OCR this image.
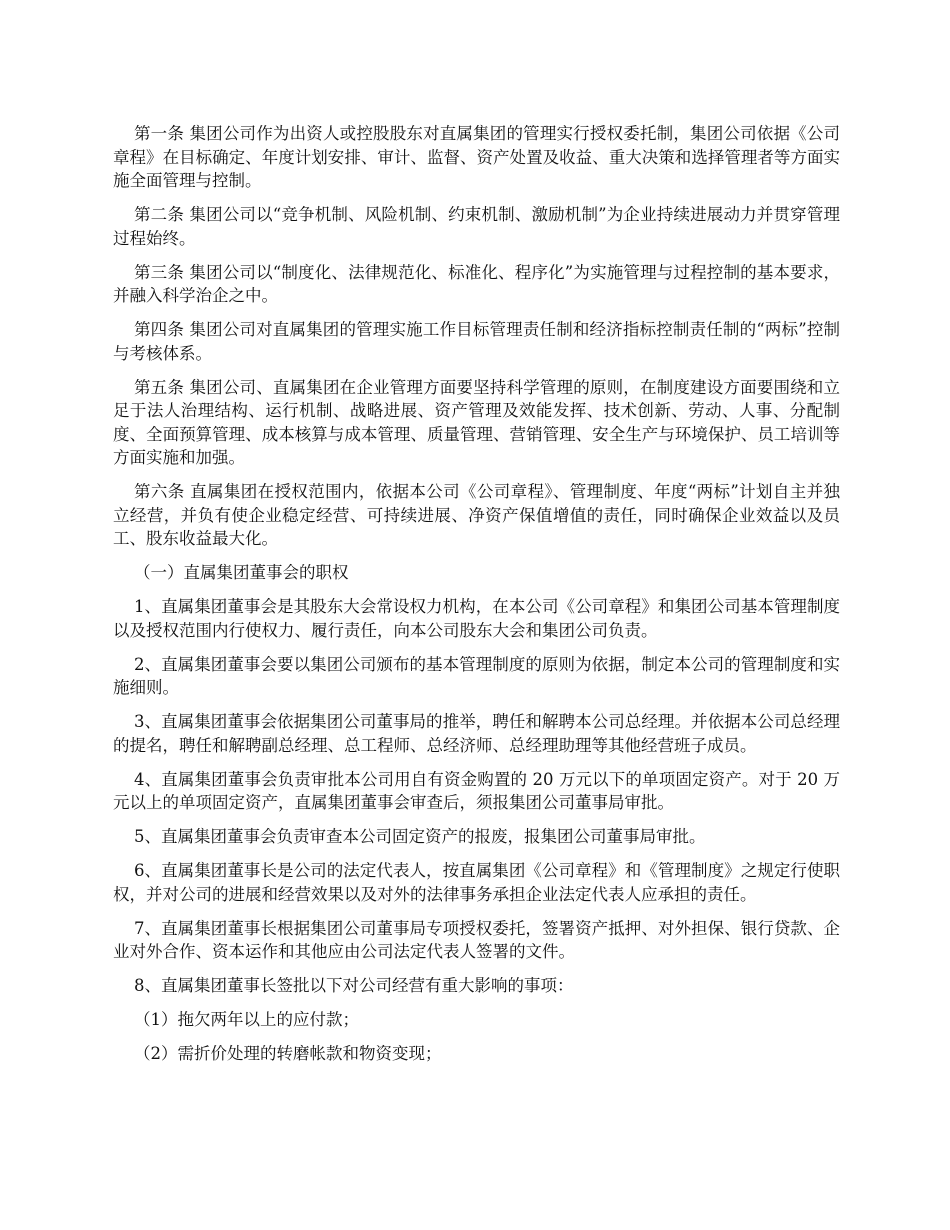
第一条 集团公司作为出资人或控股股东对直属集团的管理实行授权委托制，集团公司依据《公司章程》在目标确定、年度计划安排、审计、监督、资产处置及收益、重大决策和选择管理者等方面实施全面管理与控制。

第二条 集团公司以“竞争机制、风险机制、约束机制、激励机制”为企业持续进展动力并贯穿管理过程始终。

第三条 集团公司以“制度化、法律规范化、标准化、程序化”为实施管理与过程控制的基本要求，并融入科学治企之中。

第四条 集团公司对直属集团的管理实施工作目标管理责任制和经济指标控制责任制的“两标”控制与考核体系。

第五条 集团公司、直属集团在企业管理方面要坚持科学管理的原则，在制度建设方面要围绕和立足于法人治理结构、运行机制、战略进展、资产管理及效能发挥、技术创新、劳动、人事、分配制度、全面预算管理、成本核算与成本管理、质量管理、营销管理、安全生产与环境保护、员工培训等方面实施和加强。

第六条 直属集团在授权范围内，依据本公司《公司章程》、管理制度、年度“两标”计划自主并独立经营，并负有使企业稳定经营、可持续进展、净资产保值增值的责任，同时确保企业效益以及员工、股东收益最大化。

（一）直属集团董事会的职权

1、直属集团董事会是其股东大会常设权力机构，在本公司《公司章程》和集团公司基本管理制度以及授权范围内行使权力、履行责任，向本公司股东大会和集团公司负责。

2、直属集团董事会要以集团公司颁布的基本管理制度的原则为依据，制定本公司的管理制度和实施细则。

3、直属集团董事会依据集团公司董事局的推举，聘任和解聘本公司总经理。并依据本公司总经理的提名，聘任和解聘副总经理、总工程师、总经济师、总经理助理等其他经营班子成员。

4、直属集团董事会负责审批本公司用自有资金购置的 20 万元以下的单项固定资产。对于 20 万元以上的单项固定资产，直属集团董事会审查后，须报集团公司董事局审批。

5、直属集团董事会负责审查本公司固定资产的报废，报集团公司董事局审批。

6、直属集团董事长是公司的法定代表人，按直属集团《公司章程》和《管理制度》之规定行使职权，并对公司的进展和经营效果以及对外的法律事务承担企业法定代表人应承担的责任。

7、直属集团董事长根据集团公司董事局专项授权委托，签署资产抵押、对外担保、银行贷款、企业对外合作、资本运作和其他应由公司法定代表人签署的文件。

8、直属集团董事长签批以下对公司经营有重大影响的事项：

（1）拖欠两年以上的应付款；

（2）需折价处理的转磨帐款和物资变现；
